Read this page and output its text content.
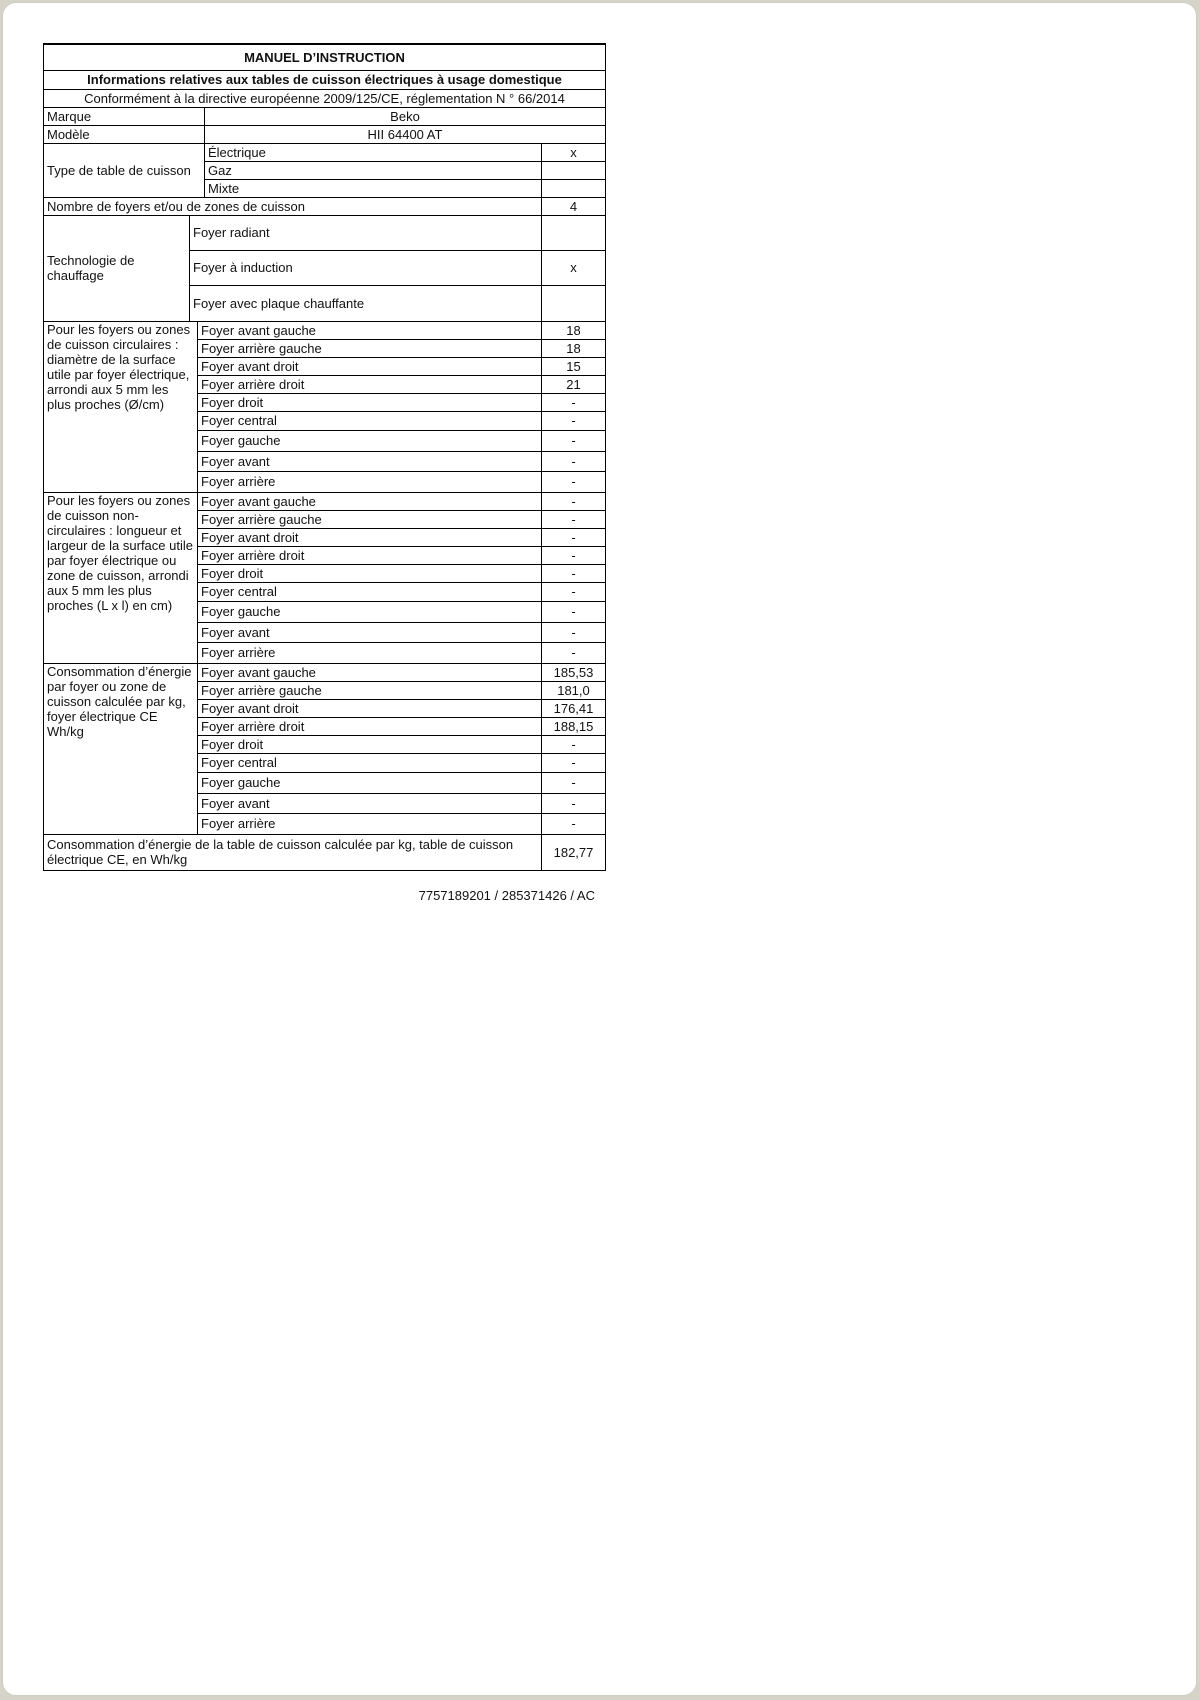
MANUEL D’INSTRUCTION				
Informations relatives aux tables de cuisson électriques à usage domestique				
Conformément à la directive européenne 2009/125/CE, réglementation N ° 66/2014				
Marque			Beko	
Modèle			HII 64400 AT	
Type de table de cuisson			Électrique	x
			Gaz	
			Mixte	
Nombre de foyers et/ou de zones de cuisson				4
Technologie de chauffage	Foyer radiant			
	Foyer à induction			x
	Foyer avec plaque chauffante			
Pour les foyers ou zones de cuisson circulaires : diamètre de la surface utile par foyer électrique, arrondi aux 5 mm les plus proches (Ø/cm)		Foyer avant gauche		18
		Foyer arrière gauche		18
		Foyer avant droit		15
		Foyer arrière droit		21
		Foyer droit		-
		Foyer central		-
		Foyer gauche		-
		Foyer avant		-
		Foyer arrière		-
Pour les foyers ou zones de cuisson non-circulaires : longueur et largeur de la surface utile par foyer électrique ou zone de cuisson, arrondi aux 5 mm les plus proches (L x l) en cm)		Foyer avant gauche		-
		Foyer arrière gauche		-
		Foyer avant droit		-
		Foyer arrière droit		-
		Foyer droit		-
		Foyer central		-
		Foyer gauche		-
		Foyer avant		-
		Foyer arrière		-
Consommation d’énergie par foyer ou zone de cuisson calculée par kg, foyer électrique CE Wh/kg		Foyer avant gauche		185,53
		Foyer arrière gauche		181,0
		Foyer avant droit		176,41
		Foyer arrière droit		188,15
		Foyer droit		-
		Foyer central		-
		Foyer gauche		-
		Foyer avant		-
		Foyer arrière		-
Consommation d’énergie de la table de cuisson calculée par kg, table de cuisson électrique CE, en Wh/kg				182,77
7757189201 / 285371426 / AC
